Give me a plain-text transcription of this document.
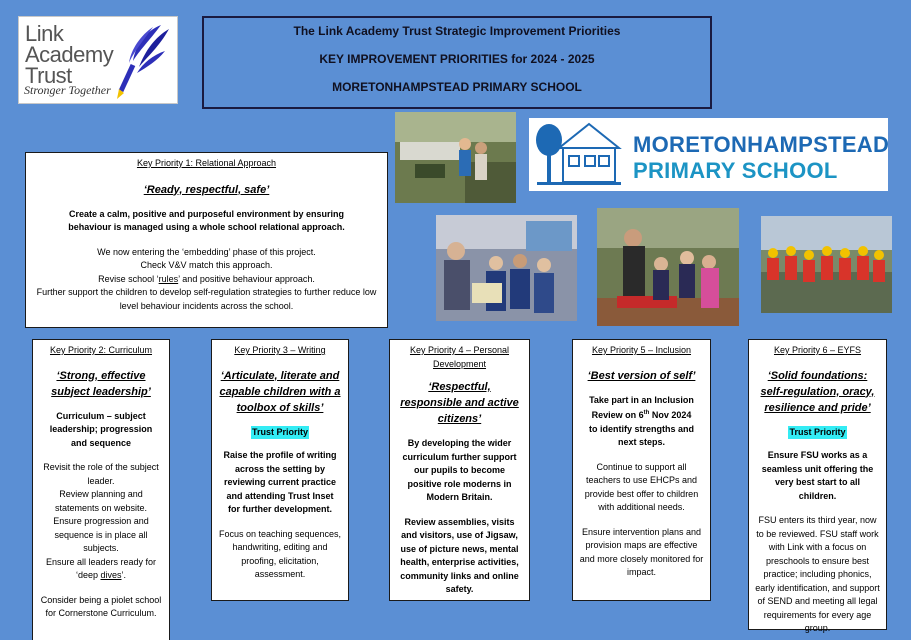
Link
Academy
Trust
Stronger Together
The Link Academy Trust Strategic Improvement Priorities
KEY IMPROVEMENT PRIORITIES for 2024 - 2025
MORETONHAMPSTEAD PRIMARY SCHOOL
MORETONHAMPSTEAD
PRIMARY SCHOOL
Key Priority 1: Relational Approach
‘Ready, respectful, safe’
Create a calm, positive and purposeful environment by ensuring behaviour is managed using a whole school relational approach.
We now entering the ‘embedding’ phase of this project.
Check V&V match this approach.
Revise school ‘rules’ and positive behaviour approach.
Further support the children to develop self-regulation strategies to further reduce low level behaviour incidents across the school.
Key Priority 2: Curriculum
‘Strong, effective subject leadership’
Curriculum – subject leadership; progression and sequence
Revisit the role of the subject leader.
Review planning and statements on website.
Ensure progression and sequence is in place all subjects.
Ensure all leaders ready for ‘deep dives’.
Consider being a piolet school for Cornerstone Curriculum.
Key Priority 3 – Writing
‘Articulate, literate and capable children with a toolbox of skills’
Trust Priority
Raise the profile of writing across the setting by reviewing current practice and attending Trust Inset for further development.
Focus on teaching sequences, handwriting, editing and proofing, elicitation, assessment.
Key Priority 4 – Personal Development
‘Respectful, responsible and active citizens’
By developing the wider curriculum further support our pupils to become positive role moderns in Modern Britain.
Review assemblies, visits and visitors, use of Jigsaw, use of picture news, mental health, enterprise activities, community links and online safety.
Key Priority 5 – Inclusion
‘Best version of self’
Take part in an Inclusion Review on 6th Nov 2024 to identify strengths and next steps.
Continue to support all teachers to use EHCPs and provide best offer to children with additional needs.
Ensure intervention plans and provision maps are effective and more closely monitored for impact.
Key Priority 6 – EYFS
‘Solid foundations: self-regulation, oracy, resilience and pride’
Trust Priority
Ensure FSU works as a seamless unit offering the very best start to all children.
FSU enters its third year, now to be reviewed. FSU staff work with Link with a focus on preschools to ensure best practice; including phonics, early identification, and support of SEND and meeting all legal requirements for every age group.
